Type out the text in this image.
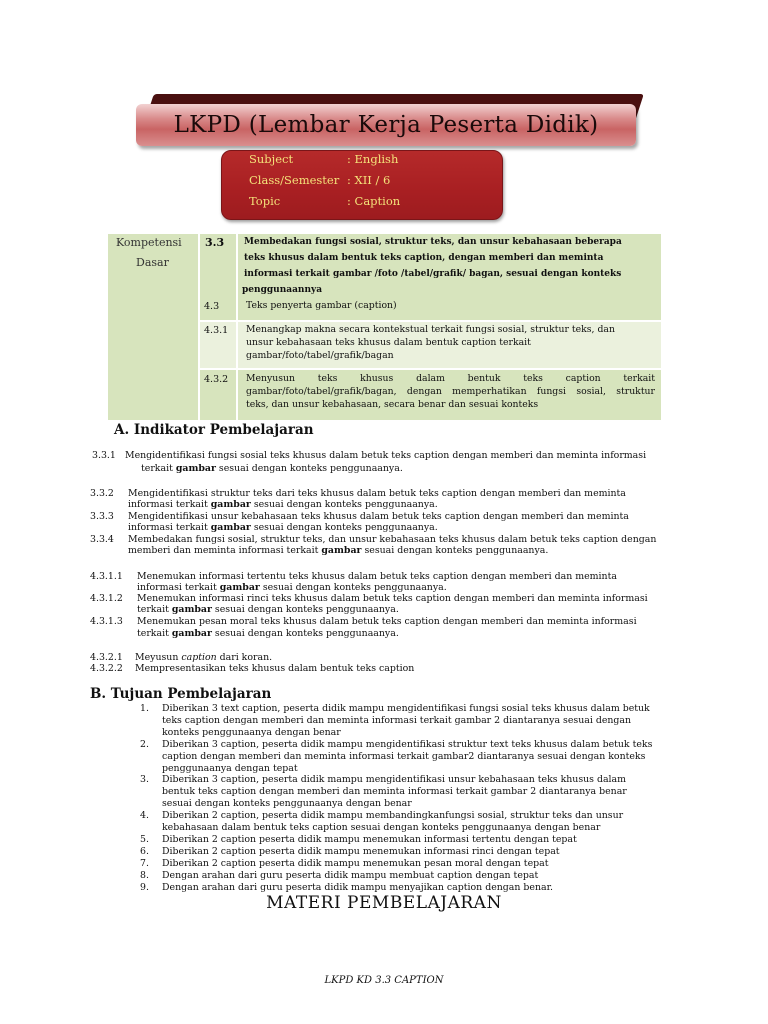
LKPD (Lembar Kerja Peserta Didik)
Subject	: English
Class/Semester : XII / 6
Topic	: Caption
Kompetensi
Dasar
3.3 Membedakan fungsi sosial, struktur teks, dan unsur kebahasaan beberapa
teks khusus dalam bentuk teks caption, dengan memberi dan meminta
informasi terkait gambar /foto /tabel/grafik/ bagan, sesuai dengan konteks
penggunaannya
4.3	Teks penyerta gambar (caption)
4.3.1 Menangkap makna secara kontekstual terkait fungsi sosial, struktur teks, dan
unsur kebahasaan teks khusus dalam bentuk caption terkait
gambar/foto/tabel/grafik/bagan
4.3.2 Menyusun teks khusus dalam bentuk teks caption terkait
gambar/foto/tabel/grafik/bagan, dengan memperhatikan fungsi sosial, struktur
teks, dan unsur kebahasaan, secara benar dan sesuai konteks
A. Indikator Pembelajaran
3.3.1 Mengidentifikasi fungsi sosial teks khusus dalam betuk teks caption dengan memberi dan meminta informasi
terkait gambar sesuai dengan konteks penggunaanya.
3.3.2 Mengidentifikasi struktur teks dari teks khusus dalam betuk teks caption dengan memberi dan meminta
informasi terkait gambar sesuai dengan konteks penggunaanya.
3.3.3 Mengidentifikasi unsur kebahasaan teks khusus dalam betuk teks caption dengan memberi dan meminta
informasi terkait gambar sesuai dengan konteks penggunaanya.
3.3.4 Membedakan fungsi sosial, struktur teks, dan unsur kebahasaan teks khusus dalam betuk teks caption dengan
memberi dan meminta informasi terkait gambar sesuai dengan konteks penggunaanya.
4.3.1.1 Menemukan informasi tertentu teks khusus dalam betuk teks caption dengan memberi dan meminta
informasi terkait gambar sesuai dengan konteks penggunaanya.
4.3.1.2 Menemukan informasi rinci teks khusus dalam betuk teks caption dengan memberi dan meminta informasi
terkait gambar sesuai dengan konteks penggunaanya.
4.3.1.3 Menemukan pesan moral teks khusus dalam betuk teks caption dengan memberi dan meminta informasi
terkait gambar sesuai dengan konteks penggunaanya.
4.3.2.1 Meyusun caption dari koran.
4.3.2.2 Mempresentasikan teks khusus dalam bentuk teks caption
B. Tujuan Pembelajaran
1. Diberikan 3 text caption, peserta didik mampu mengidentifikasi fungsi sosial teks khusus dalam betuk
teks caption dengan memberi dan meminta informasi terkait gambar 2 diantaranya sesuai dengan
konteks penggunaanya dengan benar
2. Diberikan 3 caption, peserta didik mampu mengidentifikasi struktur text teks khusus dalam betuk teks
caption dengan memberi dan meminta informasi terkait gambar2 diantaranya sesuai dengan konteks
penggunaanya dengan tepat
3. Diberikan 3 caption, peserta didik mampu mengidentifikasi unsur kebahasaan teks khusus dalam
bentuk teks caption dengan memberi dan meminta informasi terkait gambar 2 diantaranya benar
sesuai dengan konteks penggunaanya dengan benar
4. Diberikan 2 caption, peserta didik mampu membandingkanfungsi sosial, struktur teks dan unsur
kebahasaan dalam bentuk teks caption sesuai dengan konteks penggunaanya dengan benar
5. Diberikan 2 caption peserta didik mampu menemukan informasi tertentu dengan tepat
6. Diberikan 2 caption peserta didik mampu menemukan informasi rinci dengan tepat
7. Diberikan 2 caption peserta didik mampu menemukan pesan moral dengan tepat
8. Dengan arahan dari guru peserta didik mampu membuat caption dengan tepat
9. Dengan arahan dari guru peserta didik mampu menyajikan caption dengan benar.
MATERI PEMBELAJARAN
LKPD KD 3.3 CAPTION
